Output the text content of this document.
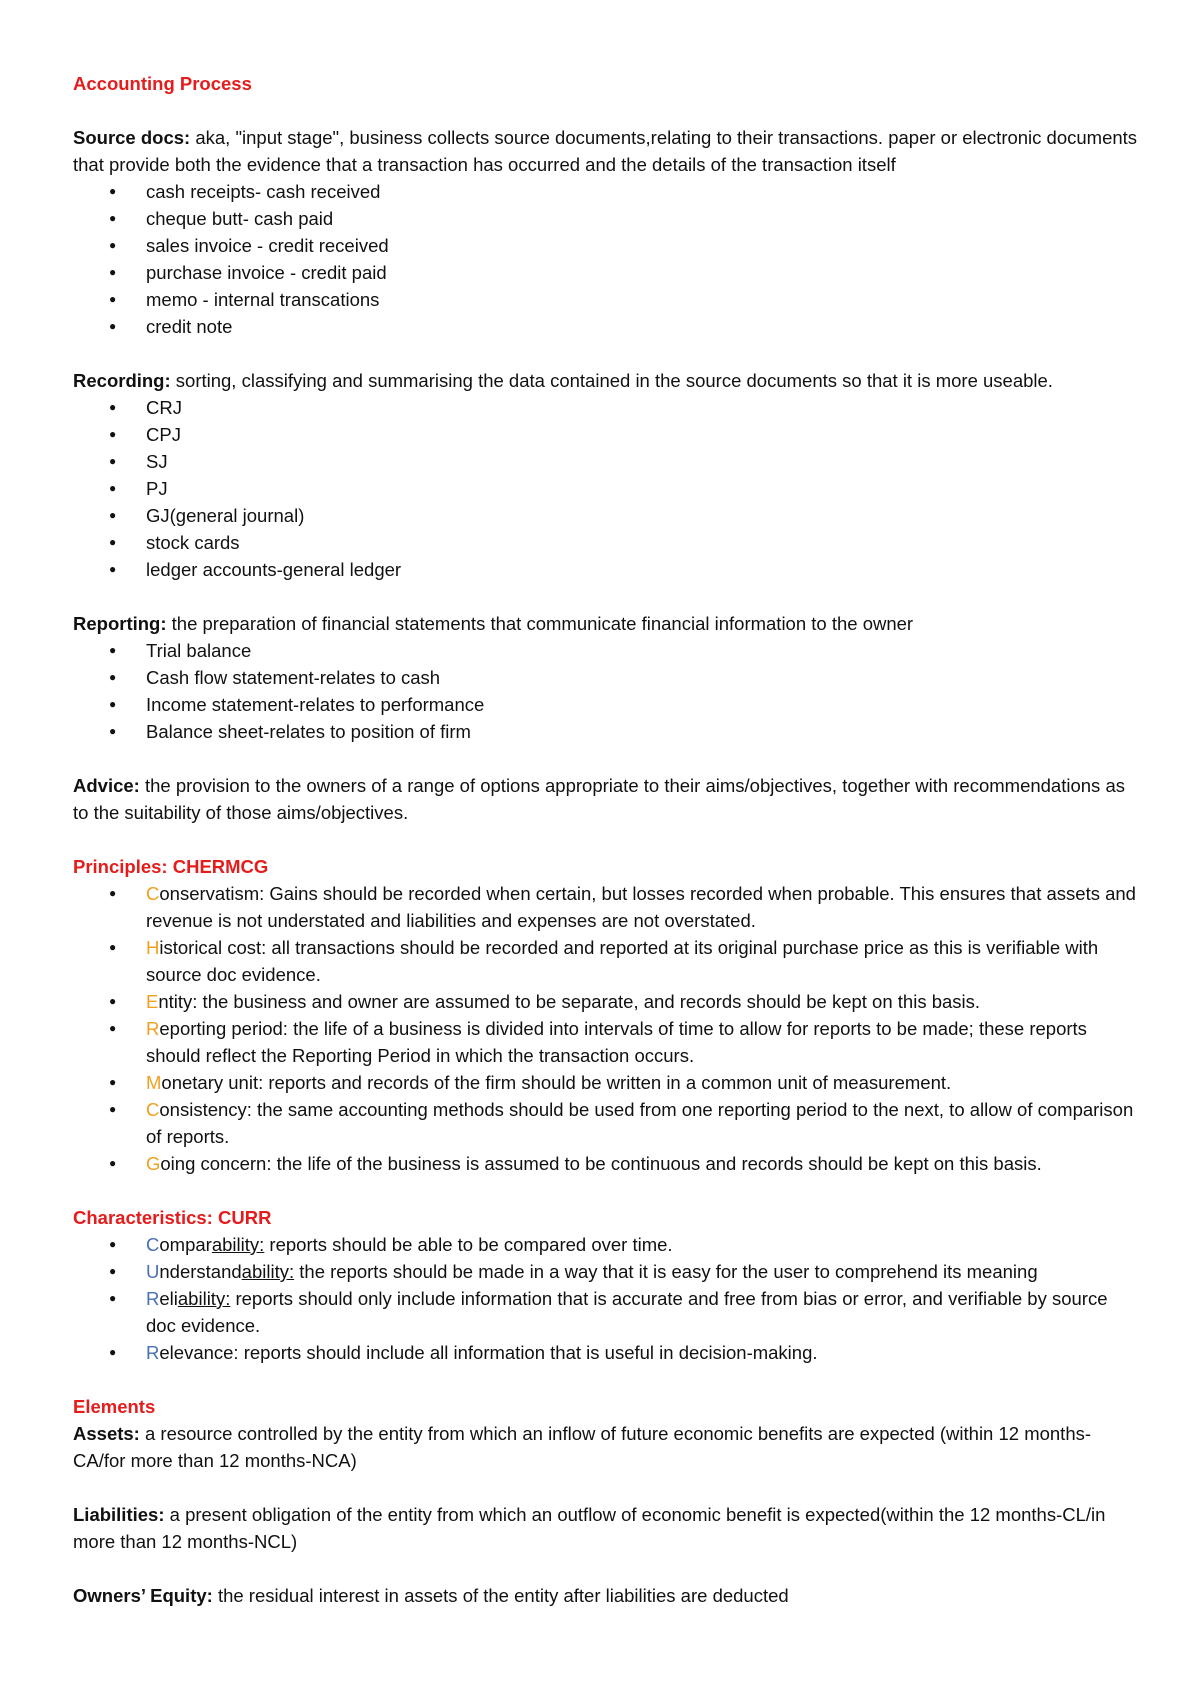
Accounting Process

Source docs: aka, "input stage", business collects source documents,relating to their transactions. paper or electronic documents that provide both the evidence that a transaction has occurred and the details of the transaction itself

● cash receipts- cash received
● cheque butt- cash paid
● sales invoice - credit received
● purchase invoice - credit paid
● memo - internal transcations
● credit note

Recording: sorting, classifying and summarising the data contained in the source documents so that it is more useable.

● CRJ
● CPJ
● SJ
● PJ
● GJ(general journal)
● stock cards
● ledger accounts-general ledger

Reporting: the preparation of financial statements that communicate financial information to the owner

● Trial balance
● Cash flow statement-relates to cash
● Income statement-relates to performance
● Balance sheet-relates to position of firm

Advice: the provision to the owners of a range of options appropriate to their aims/objectives, together with recommendations as to the suitability of those aims/objectives.

Principles: CHERMCG

● Conservatism: Gains should be recorded when certain, but losses recorded when probable. This ensures that assets and revenue is not understated and liabilities and expenses are not overstated.
● Historical cost: all transactions should be recorded and reported at its original purchase price as this is verifiable with source doc evidence.
● Entity: the business and owner are assumed to be separate, and records should be kept on this basis.
● Reporting period: the life of a business is divided into intervals of time to allow for reports to be made; these reports should reflect the Reporting Period in which the transaction occurs.
● Monetary unit: reports and records of the firm should be written in a common unit of measurement.
● Consistency: the same accounting methods should be used from one reporting period to the next, to allow of comparison of reports.
● Going concern: the life of the business is assumed to be continuous and records should be kept on this basis.

Characteristics: CURR

● Comparability: reports should be able to be compared over time.
● Understandability: the reports should be made in a way that it is easy for the user to comprehend its meaning
● Reliability: reports should only include information that is accurate and free from bias or error, and verifiable by source doc evidence.
● Relevance: reports should include all information that is useful in decision-making.

Elements

Assets: a resource controlled by the entity from which an inflow of future economic benefits are expected (within 12 months-CA/for more than 12 months-NCA)

Liabilities: a present obligation of the entity from which an outflow of economic benefit is expected(within the 12 months-CL/in more than 12 months-NCL)

Owners’ Equity: the residual interest in assets of the entity after liabilities are deducted
